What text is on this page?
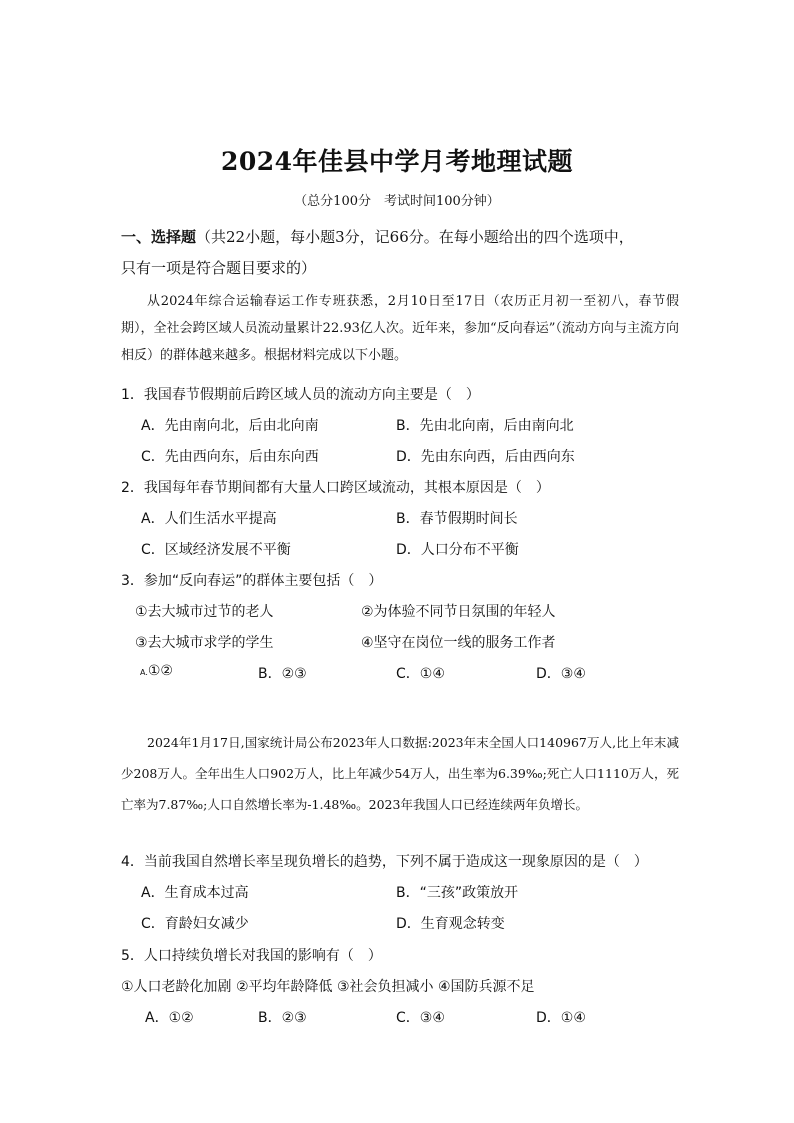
2024年佳县中学月考地理试题
（总分100分　考试时间100分钟）
一、选择题（共22小题，每小题3分，记66分。在每小题给出的四个选项中，
只有一项是符合题目要求的）
从2024年综合运输春运工作专班获悉，2月10日至17日（农历正月初一至初八，春节假期），全社会跨区域人员流动量累计22.93亿人次。近年来，参加“反向春运”（流动方向与主流方向相反）的群体越来越多。根据材料完成以下小题。
1．我国春节假期前后跨区域人员的流动方向主要是（　）
A．先由南向北，后由北向南	B．先由北向南，后由南向北
C．先由西向东，后由东向西	D．先由东向西，后由西向东
2．我国每年春节期间都有大量人口跨区域流动，其根本原因是（　）
A．人们生活水平提高	B．春节假期时间长
C．区域经济发展不平衡	D．人口分布不平衡
3．参加“反向春运”的群体主要包括（　）
①去大城市过节的老人	②为体验不同节日氛围的年轻人
③去大城市求学的学生	④坚守在岗位一线的服务工作者
A.①②	B．②③	C．①④	D．③④
2024年1月17日,国家统计局公布2023年人口数据:2023年末全国人口140967万人,比上年末减少208万人。全年出生人口902万人，比上年减少54万人，出生率为6.39‰;死亡人口1110万人，死亡率为7.87‰;人口自然增长率为-1.48‰。2023年我国人口已经连续两年负增长。
4．当前我国自然增长率呈现负增长的趋势，下列不属于造成这一现象原因的是（　）
A．生育成本过高	B．“三孩”政策放开
C．育龄妇女减少	D．生育观念转变
5．人口持续负增长对我国的影响有（　）
①人口老龄化加剧 ②平均年龄降低 ③社会负担减小 ④国防兵源不足
A．①②	B．②③	C．③④	D．①④
